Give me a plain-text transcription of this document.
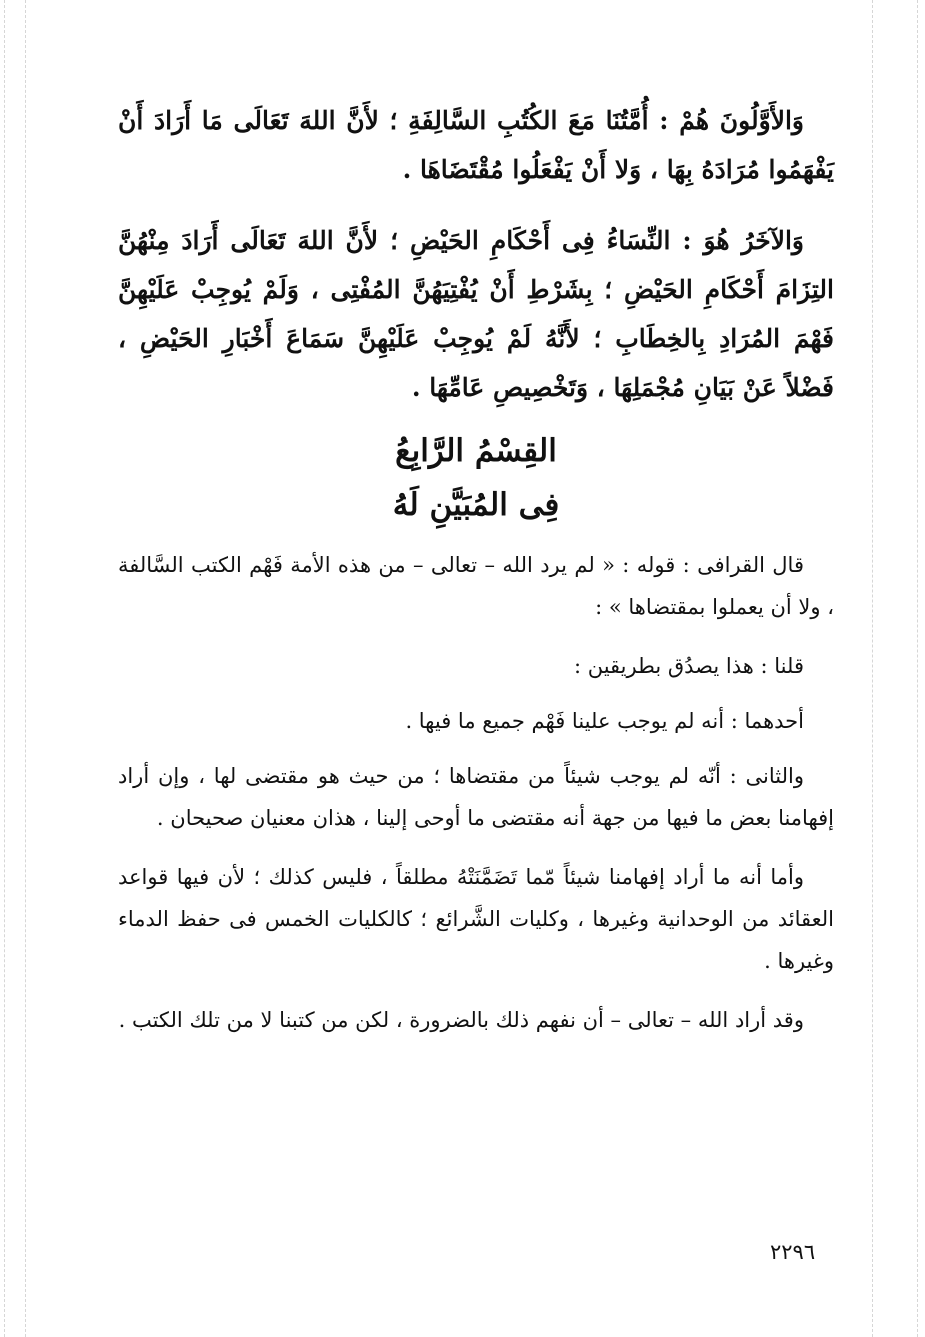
وَالأَوَّلُونَ هُمْ : أُمَّتُنَا مَعَ الكُتُبِ السَّالِفَةِ ؛ لأَنَّ اللهَ تَعَالَى مَا أَرَادَ أَنْ يَفْهَمُوا مُرَادَهُ بِهَا ، وَلا أَنْ يَفْعَلُوا مُقْتَضَاهَا .

وَالآخَرُ هُوَ : النِّسَاءُ فِى أَحْكَامِ الحَيْضِ ؛ لأَنَّ اللهَ تَعَالَى أَرَادَ مِنْهُنَّ التِزَامَ أَحْكَامِ الحَيْضِ ؛ بِشَرْطِ أَنْ يُفْتِيَهُنَّ المُفْتِى ، وَلَمْ يُوجِبْ عَلَيْهِنَّ فَهْمَ المُرَادِ بِالخِطَابِ ؛ لأَنَّهُ لَمْ يُوجِبْ عَلَيْهِنَّ سَمَاعَ أَخْبَارِ الحَيْضِ ، فَضْلاً عَنْ بَيَانِ مُجْمَلِهَا ، وَتَخْصِيصِ عَامِّهَا .

القِسْمُ الرَّابِعُ
فِى المُبَيَّنِ لَهُ

قال القرافى : قوله : « لم يرد الله – تعالى – من هذه الأمة فَهْم الكتب السَّالفة ، ولا أن يعملوا بمقتضاها » :

قلنا : هذا يصدُق بطريقين :

أحدهما : أنه لم يوجب علينا فَهْم جميع ما فيها .

والثانى : أنّه لم يوجب شيئاً من مقتضاها ؛ من حيث هو مقتضى لها ، وإن أراد إفهامنا بعض ما فيها من جهة أنه مقتضى ما أوحى إلينا ، هذان معنيان صحيحان .

وأما أنه ما أراد إفهامنا شيئاً مّما تَضَمَّنَتْهُ مطلقاً ، فليس كذلك ؛ لأن فيها قواعد العقائد من الوحدانية وغيرها ، وكليات الشَّرائع ؛ كالكليات الخمس فى حفظ الدماء وغيرها .

وقد أراد الله – تعالى – أن نفهم ذلك بالضرورة ، لكن من كتبنا لا من تلك الكتب .

٢٢٩٦
